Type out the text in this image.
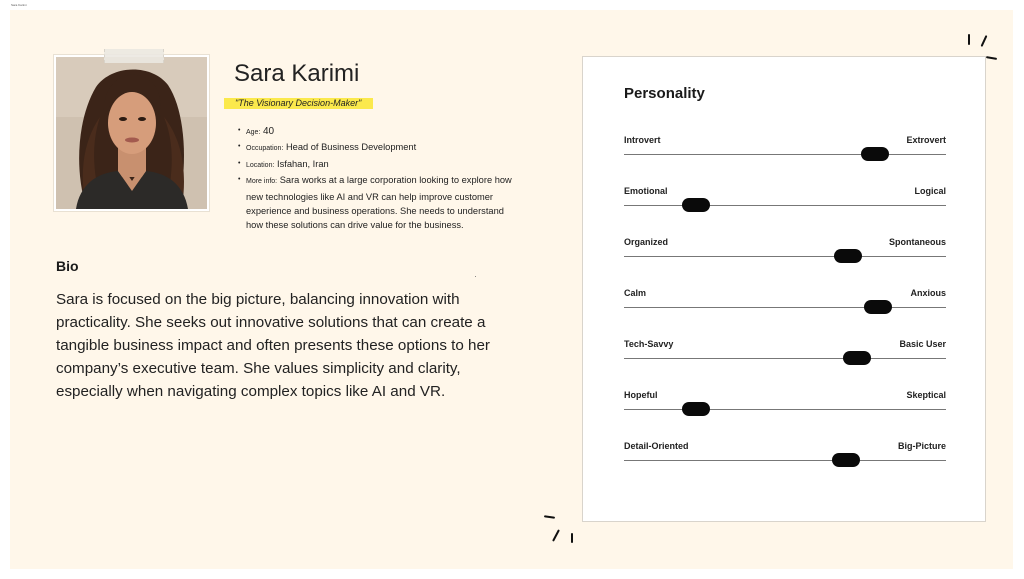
Sara Karimi
Sara Karimi
"The Visionary Decision-Maker"
• Age: 40
• Occupation: Head of Business Development
• Location: Isfahan, Iran
• More info: Sara works at a large corporation looking to explore how new technologies like AI and VR can help improve customer experience and business operations. She needs to understand how these solutions can drive value for the business.
Bio
Sara is focused on the big picture, balancing innovation with practicality. She seeks out innovative solutions that can create a tangible business impact and often presents these options to her company’s executive team. She values simplicity and clarity, especially when navigating complex topics like AI and VR.
Personality
Introvert	Extrovert
Emotional	Logical
Organized	Spontaneous
Calm	Anxious
Tech-Savvy	Basic User
Hopeful	Skeptical
Detail-Oriented	Big-Picture
